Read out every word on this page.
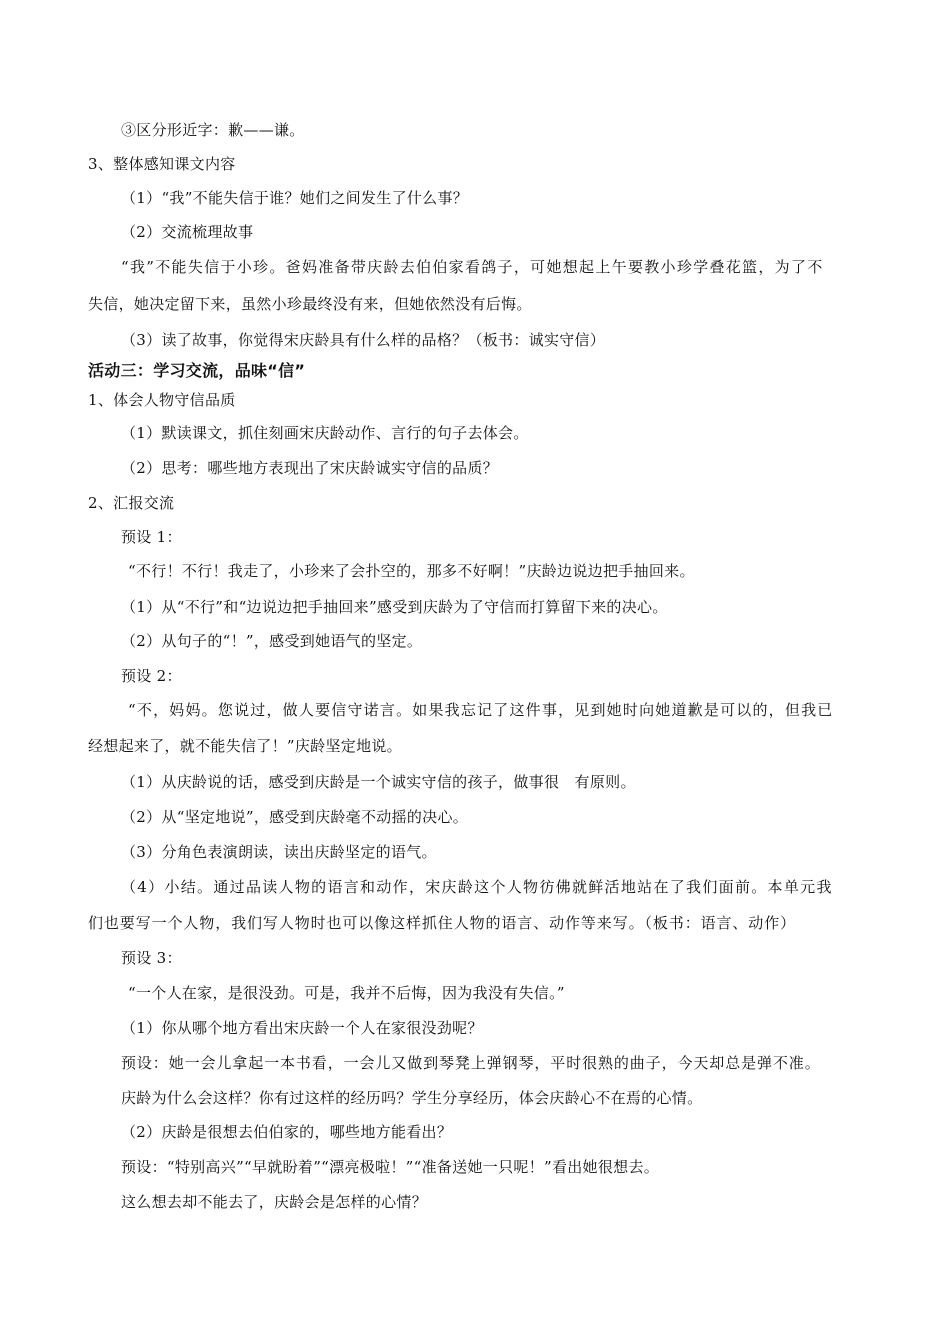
③区分形近字：歉——谦。
3、整体感知课文内容
（1）“我”不能失信于谁？她们之间发生了什么事？
（2）交流梳理故事
“我”不能失信于小珍。爸妈准备带庆龄去伯伯家看鸽子，可她想起上午要教小珍学叠花篮，为了不
失信，她决定留下来，虽然小珍最终没有来，但她依然没有后悔。
（3）读了故事，你觉得宋庆龄具有什么样的品格？（板书：诚实守信）
活动三：学习交流，品味“信”
1、体会人物守信品质
（1）默读课文，抓住刻画宋庆龄动作、言行的句子去体会。
（2）思考：哪些地方表现出了宋庆龄诚实守信的品质？
2、汇报交流
预设 1：
“不行！不行！我走了，小珍来了会扑空的，那多不好啊！”庆龄边说边把手抽回来。
（1）从“不行”和“边说边把手抽回来”感受到庆龄为了守信而打算留下来的决心。
（2）从句子的“！”，感受到她语气的坚定。
预设 2：
“不，妈妈。您说过，做人要信守诺言。如果我忘记了这件事，见到她时向她道歉是可以的，但我已
经想起来了，就不能失信了！”庆龄坚定地说。
（1）从庆龄说的话，感受到庆龄是一个诚实守信的孩子，做事很　有原则。
（2）从“坚定地说”，感受到庆龄毫不动摇的决心。
（3）分角色表演朗读，读出庆龄坚定的语气。
（4）小结。通过品读人物的语言和动作，宋庆龄这个人物彷佛就鲜活地站在了我们面前。本单元我
们也要写一个人物，我们写人物时也可以像这样抓住人物的语言、动作等来写。（板书：语言、动作）
预设 3：
“一个人在家，是很没劲。可是，我并不后悔，因为我没有失信。”
（1）你从哪个地方看出宋庆龄一个人在家很没劲呢？
预设：她一会儿拿起一本书看，一会儿又做到琴凳上弹钢琴，平时很熟的曲子，今天却总是弹不准。
庆龄为什么会这样？你有过这样的经历吗？学生分享经历，体会庆龄心不在焉的心情。
（2）庆龄是很想去伯伯家的，哪些地方能看出？
预设：“特别高兴”“早就盼着”“漂亮极啦！”“准备送她一只呢！”看出她很想去。
这么想去却不能去了，庆龄会是怎样的心情？
